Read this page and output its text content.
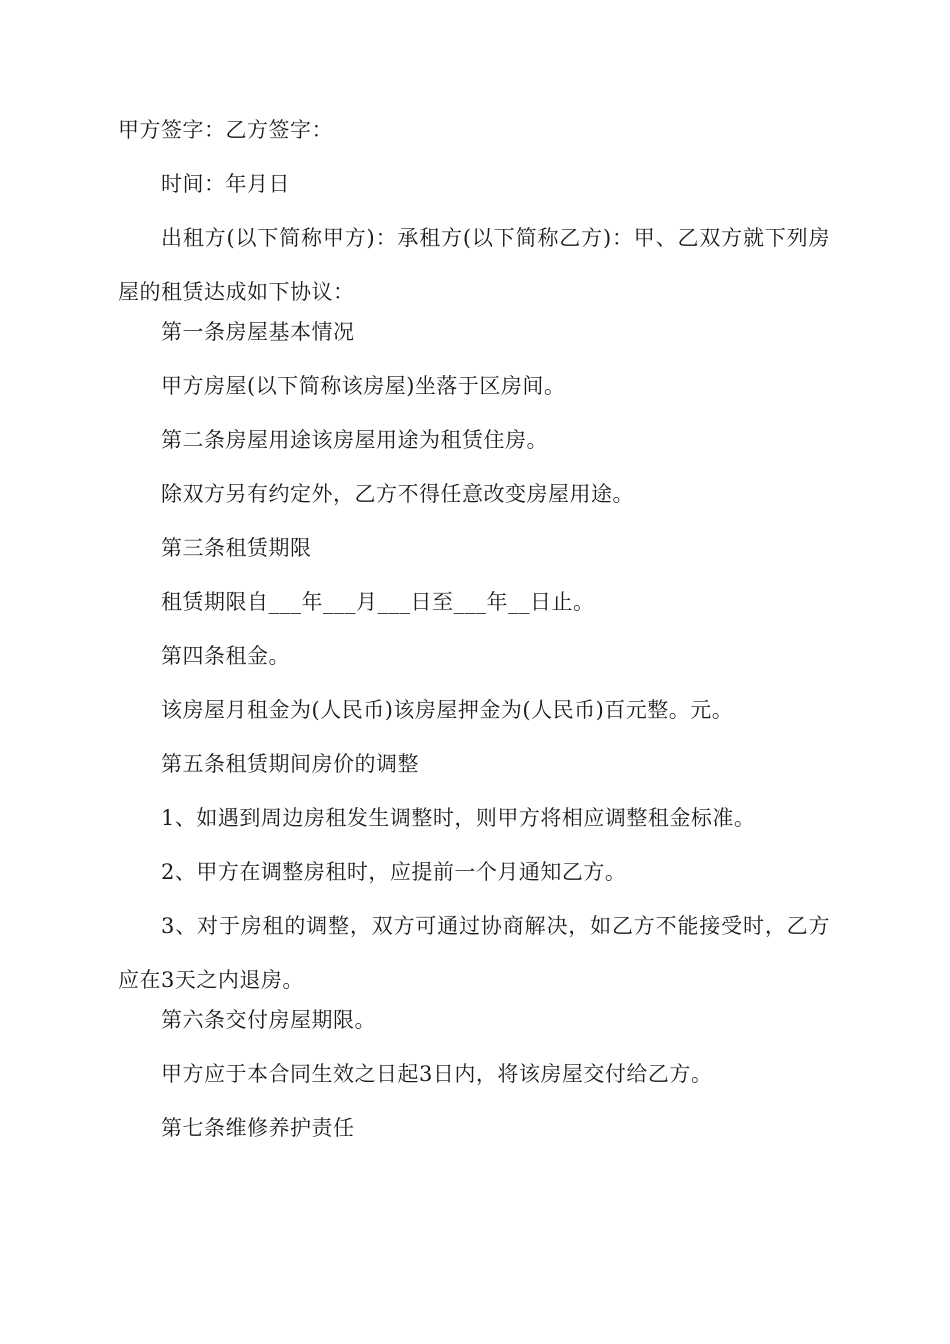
甲方签字：乙方签字：
时间：年月日
出租方(以下简称甲方)：承租方(以下简称乙方)：甲、乙双方就下列房屋的租赁达成如下协议：
第一条房屋基本情况
甲方房屋(以下简称该房屋)坐落于区房间。
第二条房屋用途该房屋用途为租赁住房。
除双方另有约定外，乙方不得任意改变房屋用途。
第三条租赁期限
租赁期限自___年___月___日至___年__日止。
第四条租金。
该房屋月租金为(人民币)该房屋押金为(人民币)百元整。元。
第五条租赁期间房价的调整
1、如遇到周边房租发生调整时，则甲方将相应调整租金标准。
2、甲方在调整房租时，应提前一个月通知乙方。
3、对于房租的调整，双方可通过协商解决，如乙方不能接受时，乙方应在3天之内退房。
第六条交付房屋期限。
甲方应于本合同生效之日起3日内，将该房屋交付给乙方。
第七条维修养护责任
